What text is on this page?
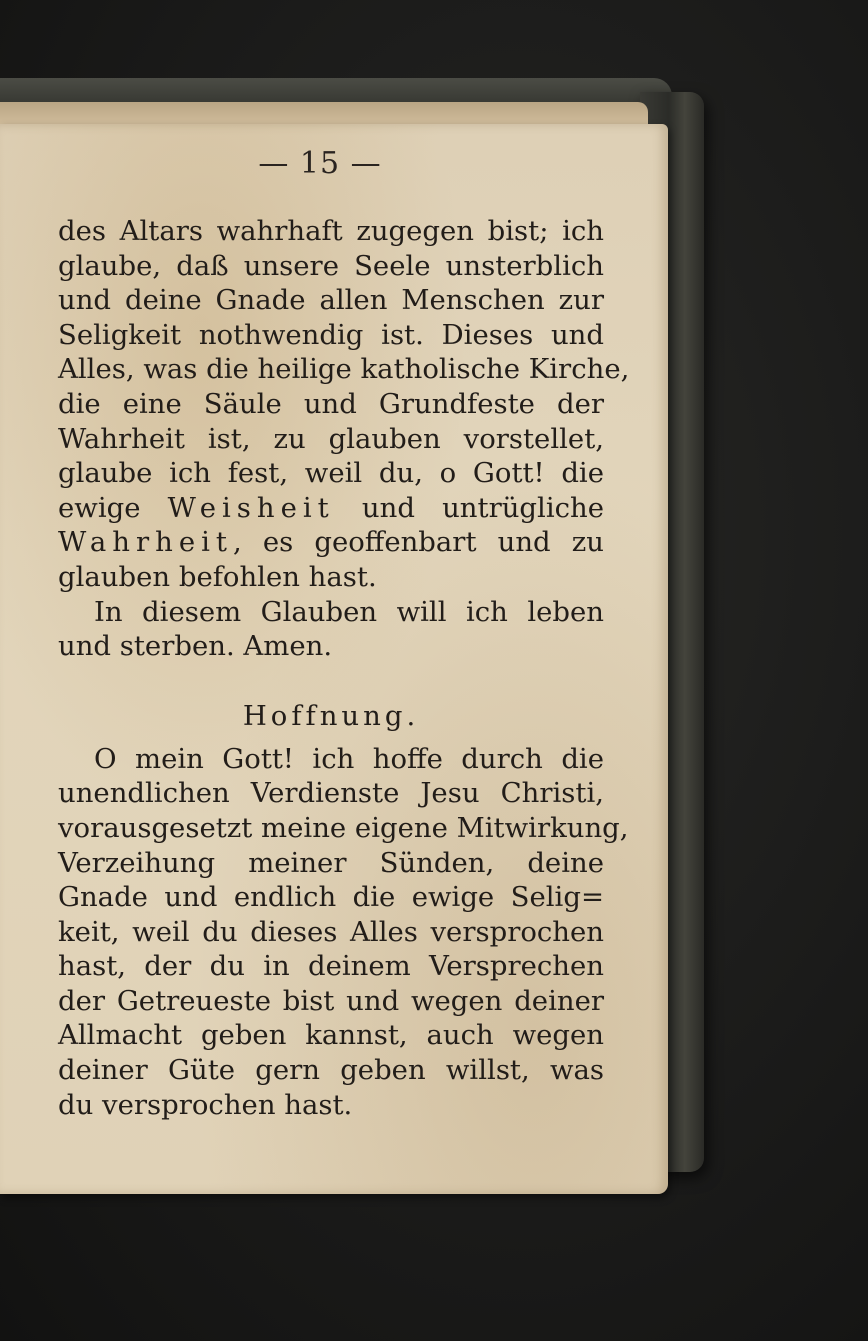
— 15 —
des Altars wahrhaft zugegen bist; ich
glaube, daß unsere Seele unsterblich
und deine Gnade allen Menschen zur
Seligkeit nothwendig ist. Dieses und
Alles, was die heilige katholische Kirche,
die eine Säule und Grundfeste der
Wahrheit ist, zu glauben vorstellet,
glaube ich fest, weil du, o Gott! die
ewige Weisheit und untrügliche
Wahrheit, es geoffenbart und zu
glauben befohlen hast.
In diesem Glauben will ich leben
und sterben. Amen.
Hoffnung.
O mein Gott! ich hoffe durch die
unendlichen Verdienste Jesu Christi,
vorausgesetzt meine eigene Mitwirkung,
Verzeihung meiner Sünden, deine
Gnade und endlich die ewige Selig=
keit, weil du dieses Alles versprochen
hast, der du in deinem Versprechen
der Getreueste bist und wegen deiner
Allmacht geben kannst, auch wegen
deiner Güte gern geben willst, was
du versprochen hast.
